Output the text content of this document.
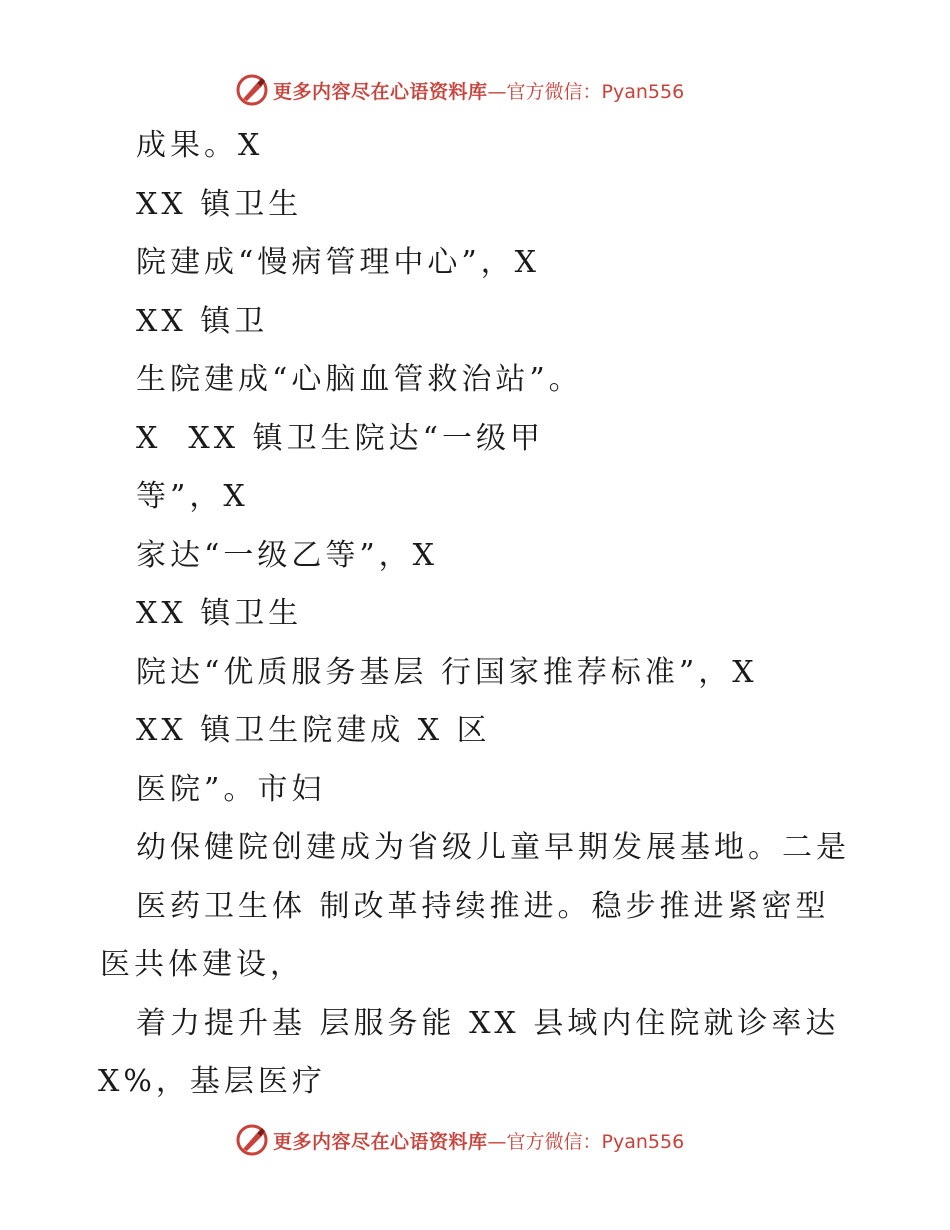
更多内容尽在心语资料库 —官方微信：Pyan556
成果。X
XX 镇卫生
院建成“慢病管理中心”，X
XX 镇卫
生院建成“心脑血管救治站”。
X  XX 镇卫生院达“一级甲
等”，X
家达“一级乙等”，X
XX 镇卫生
院达“优质服务基层 行国家推荐标准”，X
XX 镇卫生院建成 X 区
医院”。市妇
幼保健院创建成为省级儿童早期发展基地。二是
医药卫生体 制改革持续推进。稳步推进紧密型
医共体建设，
着力提升基 层服务能 XX 县域内住院就诊率达
X%，基层医疗
更多内容尽在心语资料库 —官方微信：Pyan556
